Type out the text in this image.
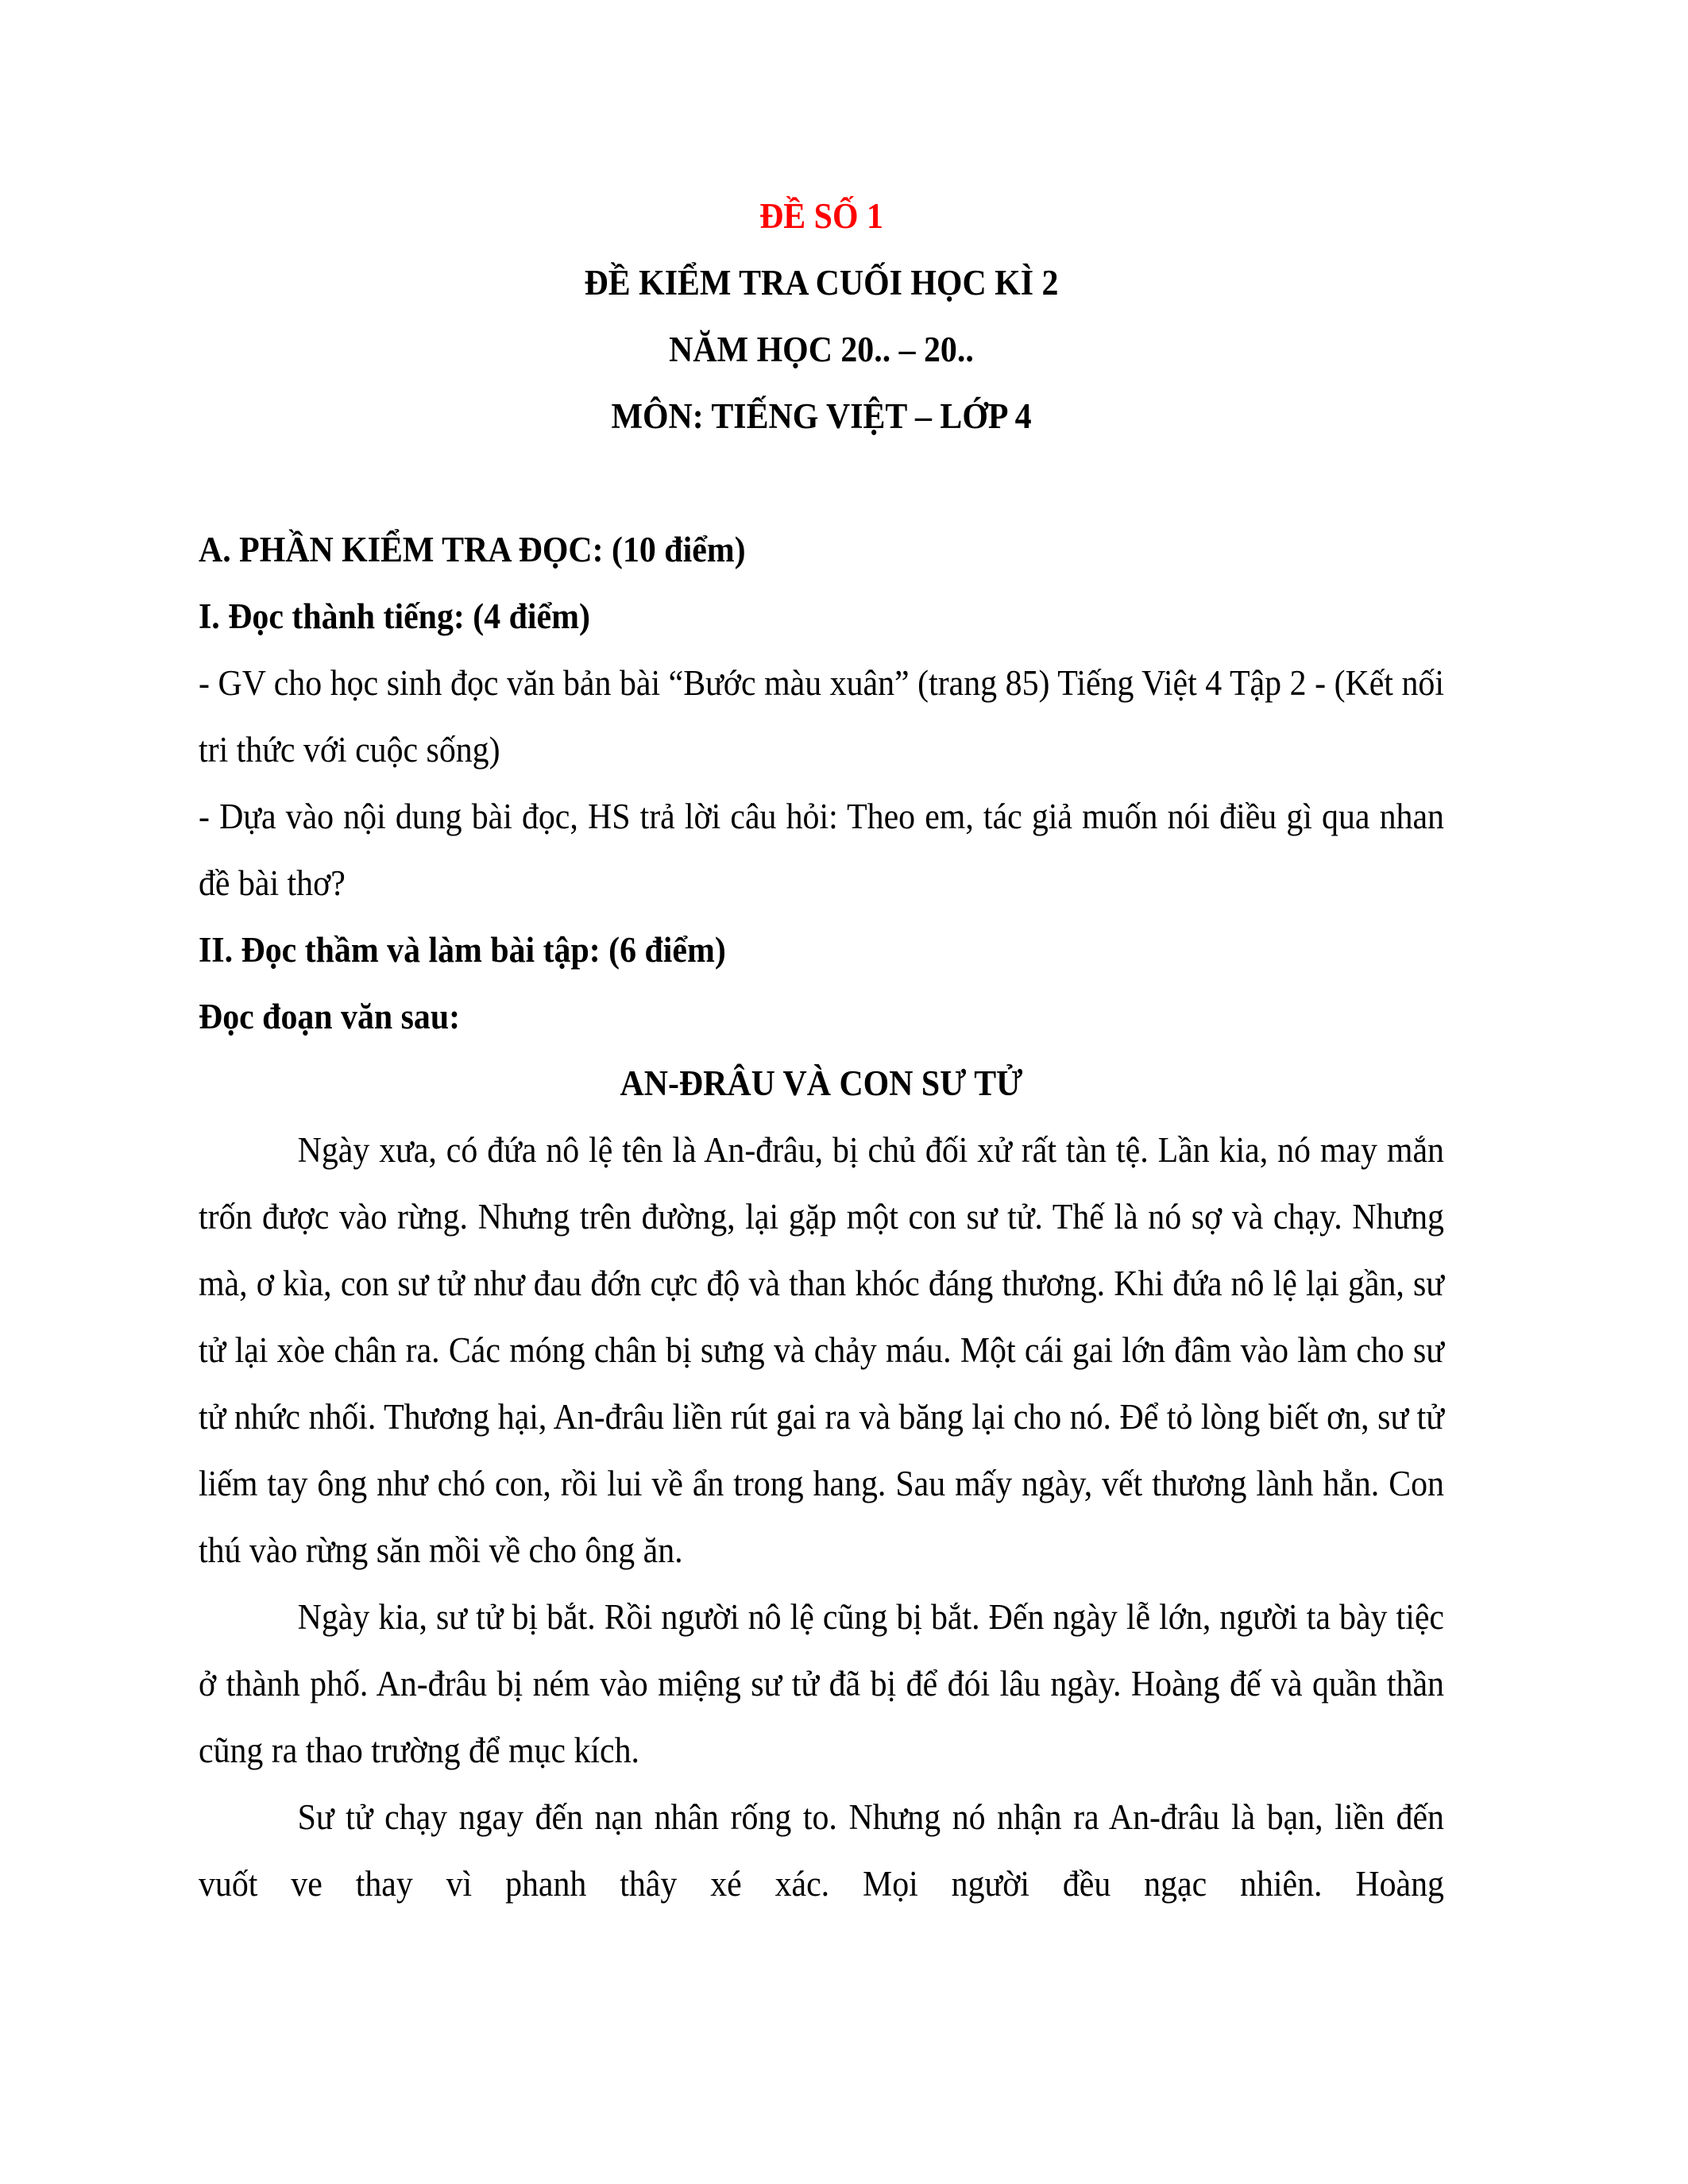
ĐỀ SỐ 1

ĐỀ KIỂM TRA CUỐI HỌC KÌ 2

NĂM HỌC 20.. – 20..

MÔN: TIẾNG VIỆT – LỚP 4

A. PHẦN KIỂM TRA ĐỌC: (10 điểm)

I. Đọc thành tiếng: (4 điểm)

- GV cho học sinh đọc văn bản bài “Bước màu xuân” (trang 85) Tiếng Việt 4 Tập 2 - (Kết nối tri thức với cuộc sống)

- Dựa vào nội dung bài đọc, HS trả lời câu hỏi: Theo em, tác giả muốn nói điều gì qua nhan đề bài thơ?

II. Đọc thầm và làm bài tập: (6 điểm)

Đọc đoạn văn sau:

AN-ĐRÂU VÀ CON SƯ TỬ

Ngày xưa, có đứa nô lệ tên là An-đrâu, bị chủ đối xử rất tàn tệ. Lần kia, nó may mắn trốn được vào rừng. Nhưng trên đường, lại gặp một con sư tử. Thế là nó sợ và chạy. Nhưng mà, ơ kìa, con sư tử như đau đớn cực độ và than khóc đáng thương. Khi đứa nô lệ lại gần, sư tử lại xòe chân ra. Các móng chân bị sưng và chảy máu. Một cái gai lớn đâm vào làm cho sư tử nhức nhối. Thương hại, An-đrâu liền rút gai ra và băng lại cho nó. Để tỏ lòng biết ơn, sư tử liếm tay ông như chó con, rồi lui về ẩn trong hang. Sau mấy ngày, vết thương lành hẳn. Con thú vào rừng săn mồi về cho ông ăn.

Ngày kia, sư tử bị bắt. Rồi người nô lệ cũng bị bắt. Đến ngày lễ lớn, người ta bày tiệc ở thành phố. An-đrâu bị ném vào miệng sư tử đã bị để đói lâu ngày. Hoàng đế và quần thần cũng ra thao trường để mục kích.

Sư tử chạy ngay đến nạn nhân rống to. Nhưng nó nhận ra An-đrâu là bạn, liền đến vuốt ve thay vì phanh thây xé xác. Mọi người đều ngạc nhiên. Hoàng
